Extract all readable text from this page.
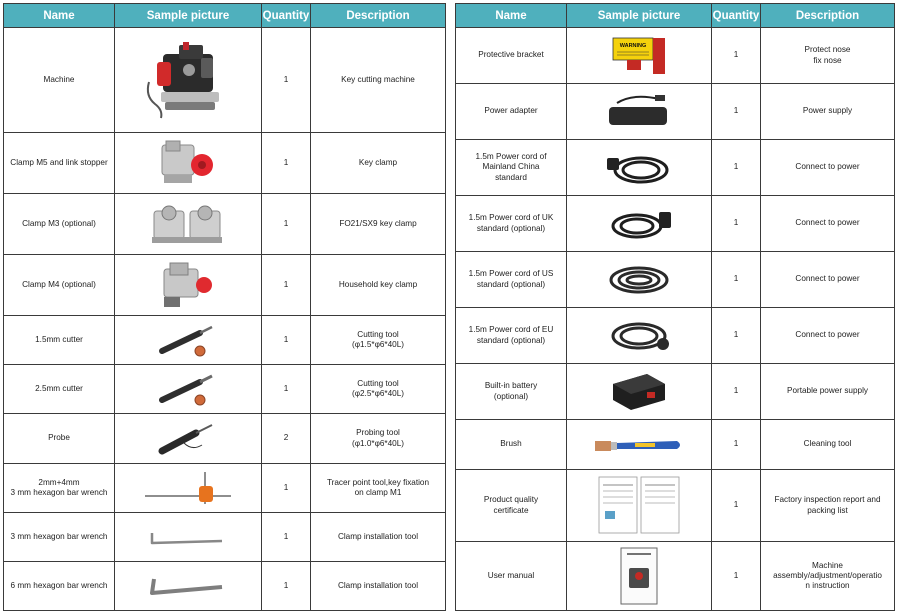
Name	Sample picture	Quantity	Description
Machine		1	Key cutting machine
Clamp M5 and link stopper		1	Key clamp
Clamp M3 (optional)		1	FO21/SX9 key clamp
Clamp M4 (optional)		1	Household key clamp
1.5mm cutter		1	Cutting tool
(φ1.5*φ6*40L)
2.5mm cutter		1	Cutting tool
(φ2.5*φ6*40L)
Probe		2	Probing tool
(φ1.0*φ6*40L)
2mm+4mm
3 mm hexagon bar wrench		1	Tracer point tool,key fixation
on clamp M1
3 mm hexagon bar wrench		1	Clamp installation tool
6 mm hexagon bar wrench		1	Clamp installation tool
Name	Sample picture	Quantity	Description
Protective bracket	WARNING	1	Protect nose
fix nose
Power adapter		1	Power supply
1.5m Power cord of
Mainland China
standard		1	Connect to power
1.5m Power cord of UK
standard (optional)		1	Connect to power
1.5m Power cord of US
standard (optional)		1	Connect to power
1.5m Power cord of EU
standard (optional)		1	Connect to power
Built-in battery
(optional)		1	Portable power supply
Brush		1	Cleaning tool
Product quality
certificate		1	Factory inspection report and
packing list
User manual		1	Machine
assembly/adjustment/operatio
n instruction
